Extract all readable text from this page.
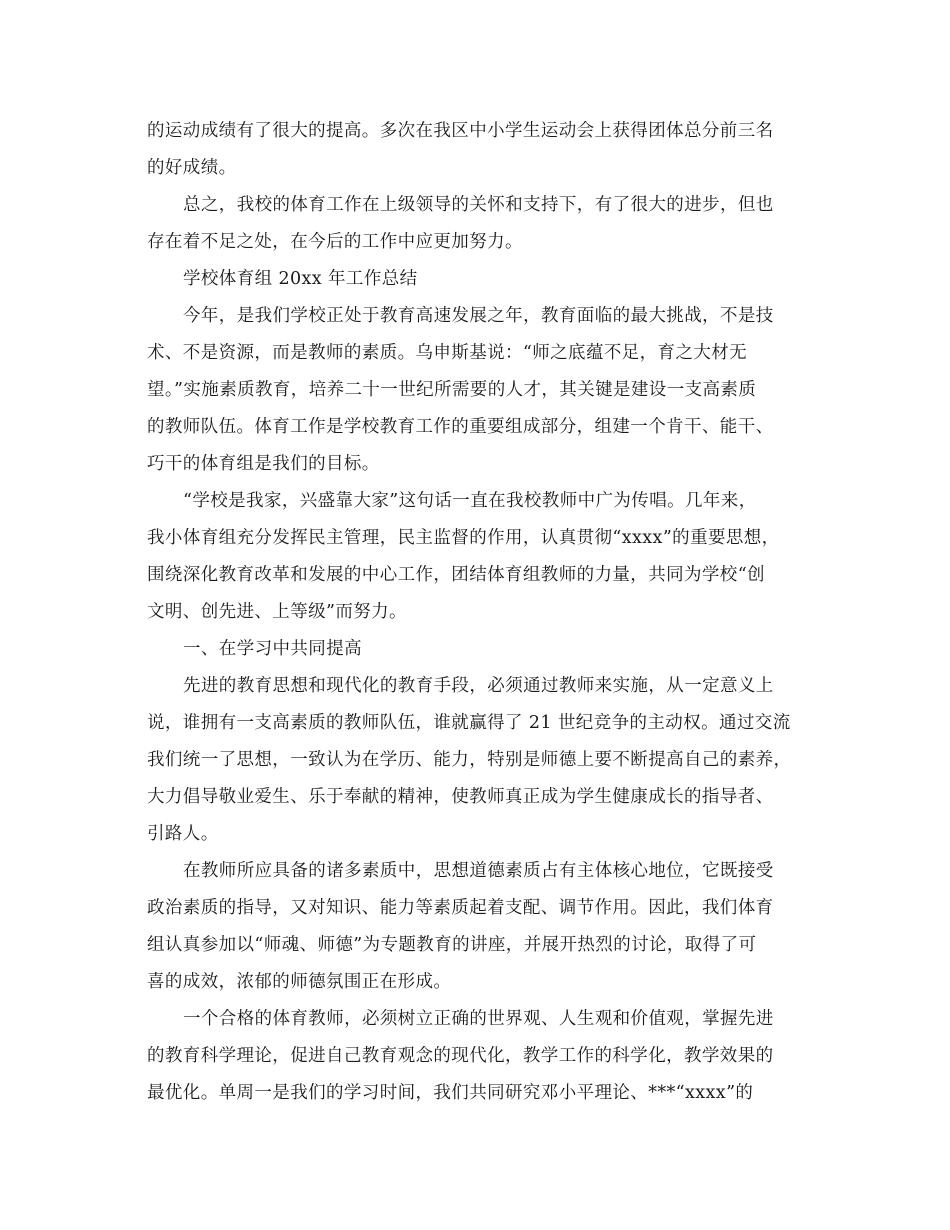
的运动成绩有了很大的提高。多次在我区中小学生运动会上获得团体总分前三名
的好成绩。
总之，我校的体育工作在上级领导的关怀和支持下，有了很大的进步，但也
存在着不足之处，在今后的工作中应更加努力。
学校体育组 20xx 年工作总结
今年，是我们学校正处于教育高速发展之年，教育面临的最大挑战，不是技
术、不是资源，而是教师的素质。乌申斯基说：“师之底蕴不足，育之大材无
望。”实施素质教育，培养二十一世纪所需要的人才，其关键是建设一支高素质
的教师队伍。体育工作是学校教育工作的重要组成部分，组建一个肯干、能干、
巧干的体育组是我们的目标。
“学校是我家，兴盛靠大家”这句话一直在我校教师中广为传唱。几年来，
我小体育组充分发挥民主管理，民主监督的作用，认真贯彻“xxxx”的重要思想，
围绕深化教育改革和发展的中心工作，团结体育组教师的力量，共同为学校“创
文明、创先进、上等级”而努力。
一、在学习中共同提高
先进的教育思想和现代化的教育手段，必须通过教师来实施，从一定意义上
说，谁拥有一支高素质的教师队伍，谁就赢得了 21 世纪竞争的主动权。通过交流
我们统一了思想，一致认为在学历、能力，特别是师德上要不断提高自己的素养，
大力倡导敬业爱生、乐于奉献的精神，使教师真正成为学生健康成长的指导者、
引路人。
在教师所应具备的诸多素质中，思想道德素质占有主体核心地位，它既接受
政治素质的指导，又对知识、能力等素质起着支配、调节作用。因此，我们体育
组认真参加以“师魂、师德”为专题教育的讲座，并展开热烈的讨论，取得了可
喜的成效，浓郁的师德氛围正在形成。
一个合格的体育教师，必须树立正确的世界观、人生观和价值观，掌握先进
的教育科学理论，促进自己教育观念的现代化，教学工作的科学化，教学效果的
最优化。单周一是我们的学习时间，我们共同研究邓小平理论、***“xxxx”的
